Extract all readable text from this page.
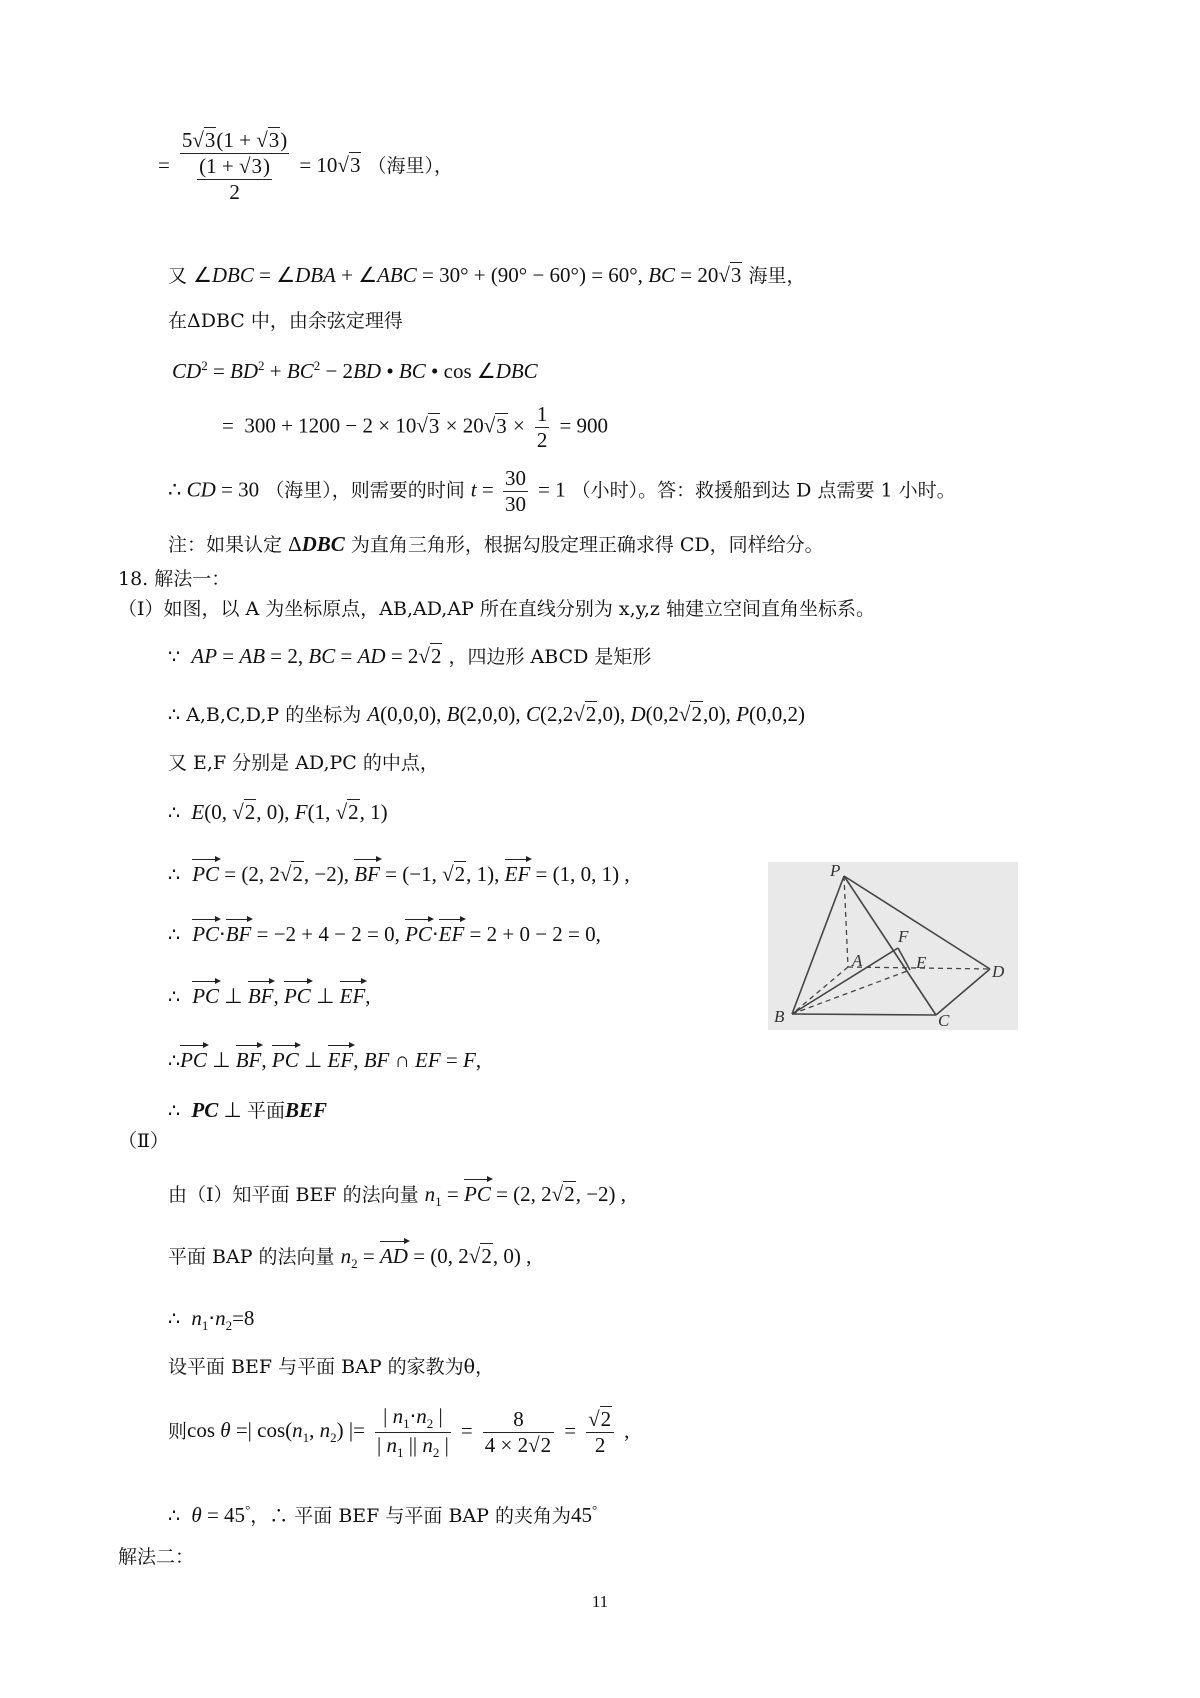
= $\frac{5√3(1 + √3)}{\frac{(1 + √3)}{2}} = 10√3$ （海里），
又 ∠DBC = ∠DBA + ∠ABC = 30° + (90° − 60°) = 60°, BC = 20√3 海里，
在ΔDBC 中，由余弦定理得
$CD^2 = BD^2 + BC^2 - 2BD$ • BC • cos ∠DBC
=  $300 + 1200 - 2 \times 10√3 \times 20√3 \times \frac{1}{2} = 900$
∴ CD = 30 （海里），则需要的时间 $t = \frac{30}{30} = 1$ （小时）。答：救援船到达 D 点需要 1 小时。
注：如果认定 ΔDBC 为直角三角形，根据勾股定理正确求得 CD，同样给分。
18. 解法一：
（Ⅰ）如图，以 A 为坐标原点，AB,AD,AP 所在直线分别为 x,y,z 轴建立空间直角坐标系。
∵ AP = AB = 2, BC = AD = 2√2 ，四边形 ABCD 是矩形
∴ A,B,C,D,P 的坐标为 A(0,0,0), B(2,0,0), C(2,2√2,0), D(0,2√2,0), P(0,0,2)
又 E,F 分别是 AD,PC 的中点，
∴ E(0, √2, 0), F(1, √2, 1)
∴ PC = (2, 2√2, −2), BF = (−1, √2, 1), EF = (1, 0, 1) ,
∴ PC⋅BF = −2 + 4 − 2 = 0, PC⋅EF = 2 + 0 − 2 = 0,
∴ PC ⊥ BF, PC ⊥ EF,
∴PC ⊥ BF, PC ⊥ EF, BF ∩ EF = F,
∴ PC ⊥ 平面BEF
（Ⅱ）
由（Ⅰ）知平面 BEF 的法向量 $n_1$ = PC = (2, 2√2, −2) ,
平面 BAP 的法向量 $n_2$ = AD = (0, 2√2, 0) ,
∴ $n_1\cdot n_2=8$
设平面 BEF 与平面 BAP 的家教为θ，
则cos θ =| $\cos(n_1$, $n_2$) |= $\frac{| n_1\cdot n_2 |}{| n_1 || n_2 |} = \frac{8}{4 \times 2√2} = \frac{√2}{2}$ ,
∴ θ = 45°，∴ 平面 BEF 与平面 BAP 的夹角为45°
解法二：
P
F
A	E	D
B	C
11
